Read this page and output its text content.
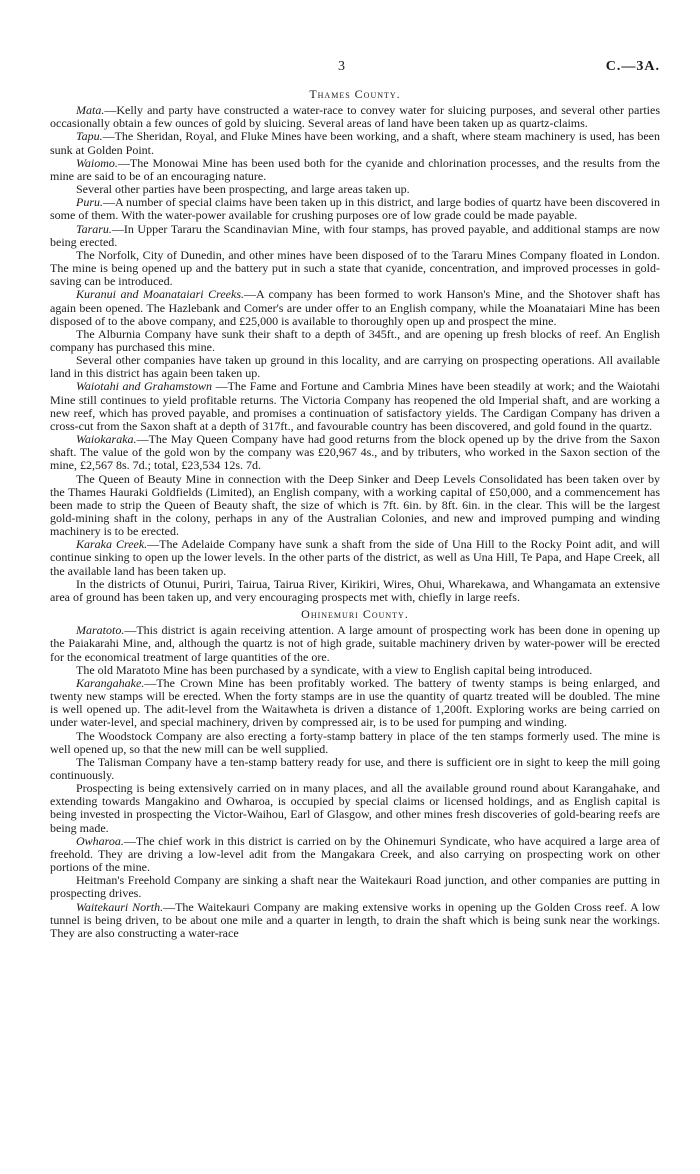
3	C.—3A.
Thames County.

Mata.—Kelly and party have constructed a water-race to convey water for sluicing purposes, and several other parties occasionally obtain a few ounces of gold by sluicing. Several areas of land have been taken up as quartz-claims.

Tapu.—The Sheridan, Royal, and Fluke Mines have been working, and a shaft, where steam machinery is used, has been sunk at Golden Point.

Waiomo.—The Monowai Mine has been used both for the cyanide and chlorination processes, and the results from the mine are said to be of an encouraging nature.

Several other parties have been prospecting, and large areas taken up.

Puru.—A number of special claims have been taken up in this district, and large bodies of quartz have been discovered in some of them. With the water-power available for crushing purposes ore of low grade could be made payable.

Tararu.—In Upper Tararu the Scandinavian Mine, with four stamps, has proved payable, and additional stamps are now being erected.

The Norfolk, City of Dunedin, and other mines have been disposed of to the Tararu Mines Company floated in London. The mine is being opened up and the battery put in such a state that cyanide, concentration, and improved processes in gold-saving can be introduced.

Kuranui and Moanataiari Creeks.—A company has been formed to work Hanson's Mine, and the Shotover shaft has again been opened. The Hazlebank and Comer's are under offer to an English company, while the Moanataiari Mine has been disposed of to the above company, and £25,000 is available to thoroughly open up and prospect the mine.

The Alburnia Company have sunk their shaft to a depth of 345ft., and are opening up fresh blocks of reef. An English company has purchased this mine.

Several other companies have taken up ground in this locality, and are carrying on prospecting operations. All available land in this district has again been taken up.

Waiotahi and Grahamstown —The Fame and Fortune and Cambria Mines have been steadily at work; and the Waiotahi Mine still continues to yield profitable returns. The Victoria Company has reopened the old Imperial shaft, and are working a new reef, which has proved payable, and promises a continuation of satisfactory yields. The Cardigan Company has driven a cross-cut from the Saxon shaft at a depth of 317ft., and favourable country has been discovered, and gold found in the quartz.

Waiokaraka.—The May Queen Company have had good returns from the block opened up by the drive from the Saxon shaft. The value of the gold won by the company was £20,967 4s., and by tributers, who worked in the Saxon section of the mine, £2,567 8s. 7d.; total, £23,534 12s. 7d.

The Queen of Beauty Mine in connection with the Deep Sinker and Deep Levels Consolidated has been taken over by the Thames Hauraki Goldfields (Limited), an English company, with a working capital of £50,000, and a commencement has been made to strip the Queen of Beauty shaft, the size of which is 7ft. 6in. by 8ft. 6in. in the clear. This will be the largest gold-mining shaft in the colony, perhaps in any of the Australian Colonies, and new and improved pumping and winding machinery is to be erected.

Karaka Creek.—The Adelaide Company have sunk a shaft from the side of Una Hill to the Rocky Point adit, and will continue sinking to open up the lower levels. In the other parts of the district, as well as Una Hill, Te Papa, and Hape Creek, all the available land has been taken up.

In the districts of Otunui, Puriri, Tairua, Tairua River, Kirikiri, Wires, Ohui, Wharekawa, and Whangamata an extensive area of ground has been taken up, and very encouraging prospects met with, chiefly in large reefs.

Ohinemuri County.

Maratoto.—This district is again receiving attention. A large amount of prospecting work has been done in opening up the Paiakarahi Mine, and, although the quartz is not of high grade, suitable machinery driven by water-power will be erected for the economical treatment of large quantities of the ore.

The old Maratoto Mine has been purchased by a syndicate, with a view to English capital being introduced.

Karangahake.—The Crown Mine has been profitably worked. The battery of twenty stamps is being enlarged, and twenty new stamps will be erected. When the forty stamps are in use the quantity of quartz treated will be doubled. The mine is well opened up. The adit-level from the Waitawheta is driven a distance of 1,200ft. Exploring works are being carried on under water-level, and special machinery, driven by compressed air, is to be used for pumping and winding.

The Woodstock Company are also erecting a forty-stamp battery in place of the ten stamps formerly used. The mine is well opened up, so that the new mill can be well supplied.

The Talisman Company have a ten-stamp battery ready for use, and there is sufficient ore in sight to keep the mill going continuously.

Prospecting is being extensively carried on in many places, and all the available ground round about Karangahake, and extending towards Mangakino and Owharoa, is occupied by special claims or licensed holdings, and as English capital is being invested in prospecting the Victor-Waihou, Earl of Glasgow, and other mines fresh discoveries of gold-bearing reefs are being made.

Owharoa.—The chief work in this district is carried on by the Ohinemuri Syndicate, who have acquired a large area of freehold. They are driving a low-level adit from the Mangakara Creek, and also carrying on prospecting work on other portions of the mine.

Heitman's Freehold Company are sinking a shaft near the Waitekauri Road junction, and other companies are putting in prospecting drives.

Waitekauri North.—The Waitekauri Company are making extensive works in opening up the Golden Cross reef. A low tunnel is being driven, to be about one mile and a quarter in length, to drain the shaft which is being sunk near the workings. They are also constructing a water-race
